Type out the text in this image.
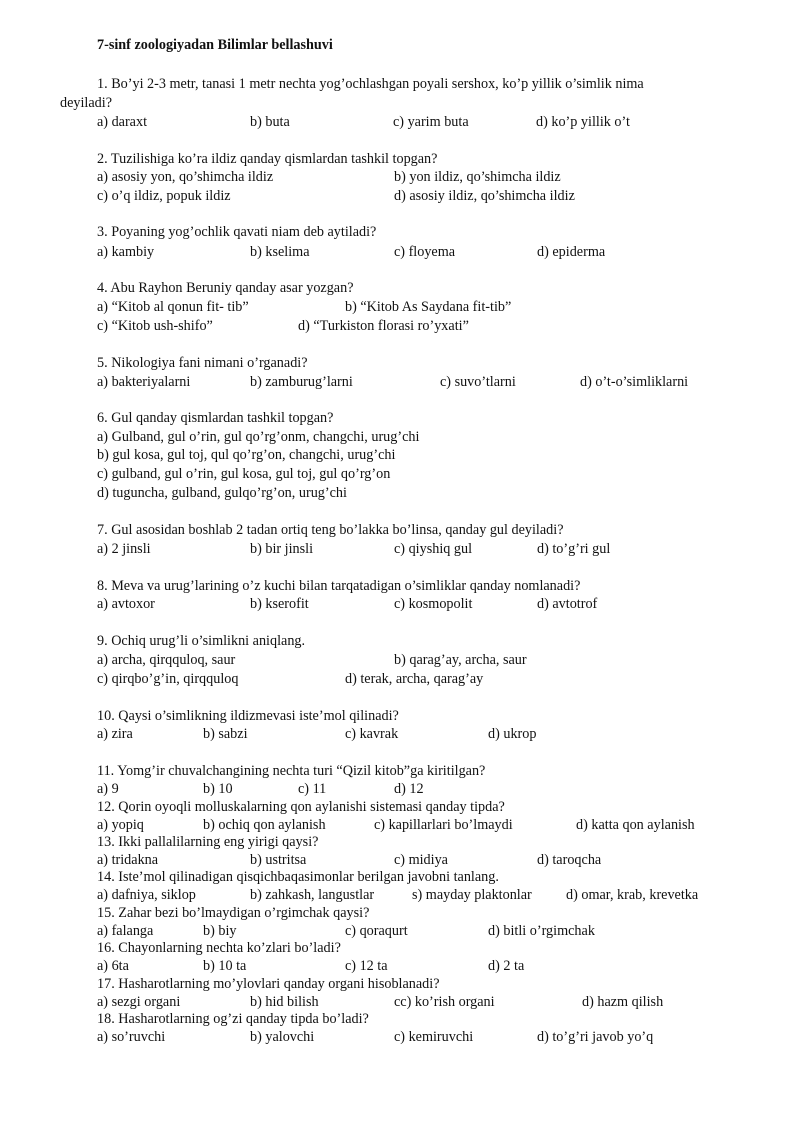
7-sinf zoologiyadan Bilimlar bellashuvi
1. Bo’yi 2-3 metr, tanasi 1 metr nechta yog’ochlashgan poyali sershox, ko’p yillik o’simlik nima
deyiladi?
a) daraxt	b) buta	c) yarim buta	d) ko’p yillik o’t
2. Tuzilishiga ko’ra ildiz qanday qismlardan tashkil topgan?
a) asosiy yon, qo’shimcha ildiz	b) yon ildiz, qo’shimcha ildiz
c) o’q ildiz, popuk ildiz	d) asosiy ildiz, qo’shimcha ildiz
3. Poyaning yog’ochlik qavati niam deb aytiladi?
a) kambiy	b) kselima	c) floyema	d) epiderma
4. Abu Rayhon Beruniy qanday asar yozgan?
a) “Kitob al qonun fit- tib”	b) “Kitob As Saydana fit-tib”
c) “Kitob ush-shifo”	d) “Turkiston florasi ro’yxati”
5. Nikologiya fani nimani o’rganadi?
a) bakteriyalarni	b) zamburug’larni	c) suvo’tlarni	d) o’t-o’simliklarni
6. Gul qanday qismlardan tashkil topgan?
a) Gulband, gul o’rin, gul qo’rg’onm, changchi, urug’chi
b) gul kosa, gul toj, qul qo’rg’on, changchi, urug’chi
c) gulband, gul o’rin, gul kosa, gul toj, gul qo’rg’on
d) tuguncha, gulband, gulqo’rg’on, urug’chi
7. Gul asosidan boshlab 2 tadan ortiq teng bo’lakka bo’linsa, qanday gul deyiladi?
a) 2 jinsli	b) bir jinsli	c) qiyshiq gul	d) to’g’ri gul
8. Meva va urug’larining o’z kuchi bilan tarqatadigan o’simliklar qanday nomlanadi?
a) avtoxor	b) kserofit	c) kosmopolit	d) avtotrof
9. Ochiq urug’li o’simlikni aniqlang.
a) archa, qirqquloq, saur	b) qarag’ay, archa, saur
c) qirqbo’g’in, qirqquloq	d) terak, archa, qarag’ay
10. Qaysi o’simlikning ildizmevasi iste’mol qilinadi?
a) zira	b) sabzi	c) kavrak	d) ukrop
11. Yomg’ir chuvalchangining nechta turi “Qizil kitob”ga kiritilgan?
a) 9	b) 10	c) 11	d) 12
12. Qorin oyoqli molluskalarning qon aylanishi sistemasi qanday tipda?
a) yopiq	b) ochiq qon aylanish	c) kapillarlari bo’lmaydi	d) katta qon aylanish
13. Ikki pallalilarning eng yirigi qaysi?
a) tridakna	b) ustritsa	c) midiya	d) taroqcha
14. Iste’mol qilinadigan qisqichbaqasimonlar berilgan javobni tanlang.
a) dafniya, siklop	b) zahkash, langustlar	s) mayday plaktonlar d) omar, krab, krevetka
15. Zahar bezi bo’lmaydigan o’rgimchak qaysi?
a) falanga	b) biy	c) qoraqurt	d) bitli o’rgimchak
16. Chayonlarning nechta ko’zlari bo’ladi?
a) 6ta	b) 10 ta	c) 12 ta	d) 2 ta
17. Hasharotlarning mo’ylovlari qanday organi hisoblanadi?
a) sezgi organi	b) hid bilish	cc) ko’rish organi	d) hazm qilish
18. Hasharotlarning og’zi qanday tipda bo’ladi?
a) so’ruvchi	b) yalovchi	c) kemiruvchi	d) to’g’ri javob yo’q
